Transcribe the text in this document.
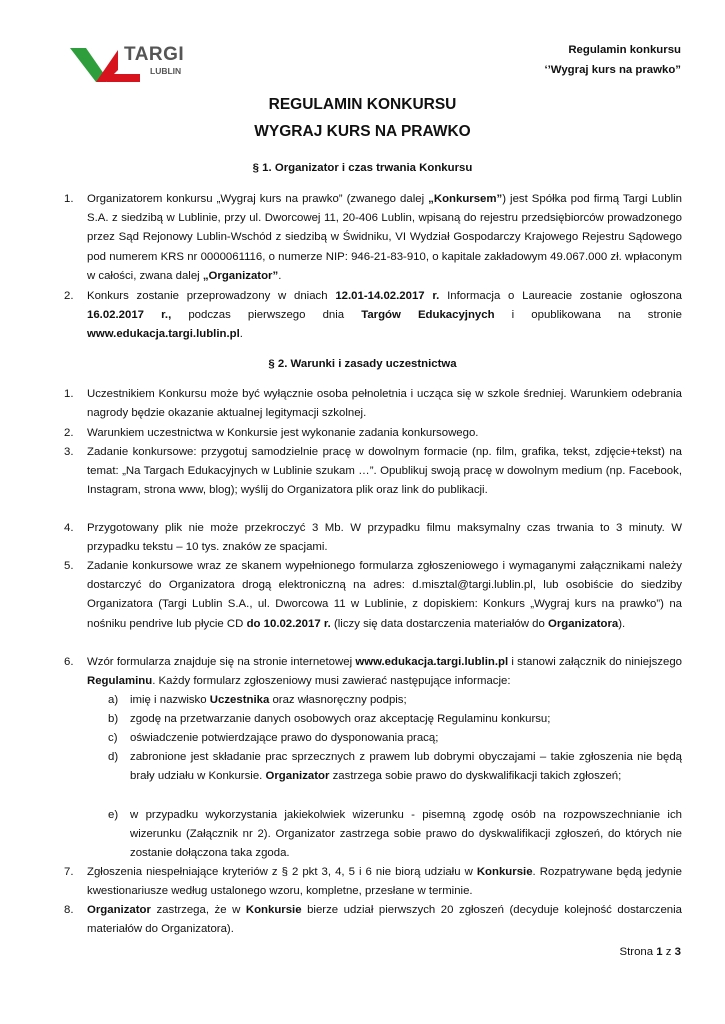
TARGI
LUBLIN
Regulamin konkursu
‘’Wygraj kurs na prawko”
REGULAMIN KONKURSU
WYGRAJ KURS NA PRAWKO
§ 1. Organizator i czas trwania Konkursu
1.	Organizatorem konkursu „Wygraj kurs na prawko” (zwanego dalej „Konkursem”) jest Spółka pod firmą Targi Lublin S.A. z siedzibą w Lublinie, przy ul. Dworcowej 11, 20-406 Lublin, wpisaną do rejestru przedsiębiorców prowadzonego przez Sąd Rejonowy Lublin-Wschód z siedzibą w Świdniku, VI Wydział Gospodarczy Krajowego Rejestru Sądowego pod numerem KRS nr 0000061116, o numerze NIP: 946-21-83-910, o kapitale zakładowym 49.067.000 zł. wpłaconym w całości, zwana dalej „Organizator”.
2.	Konkurs zostanie przeprowadzony w dniach 12.01-14.02.2017 r. Informacja o Laureacie zostanie ogłoszona 16.02.2017 r., podczas pierwszego dnia Targów Edukacyjnych i opublikowana na stronie www.edukacja.targi.lublin.pl.
§ 2. Warunki i zasady uczestnictwa
1.	Uczestnikiem Konkursu może być wyłącznie osoba pełnoletnia i ucząca się w szkole średniej. Warunkiem odebrania nagrody będzie okazanie aktualnej legitymacji szkolnej.
2.	Warunkiem uczestnictwa w Konkursie jest wykonanie zadania konkursowego.
3.	Zadanie konkursowe: przygotuj samodzielnie pracę w dowolnym formacie (np. film, grafika, tekst, zdjęcie+tekst) na temat: „Na Targach Edukacyjnych w Lublinie szukam …”. Opublikuj swoją pracę w dowolnym medium (np. Facebook, Instagram, strona www, blog); wyślij do Organizatora plik oraz link do publikacji.
4.	Przygotowany plik nie może przekroczyć 3 Mb. W przypadku filmu maksymalny czas trwania to 3 minuty. W przypadku tekstu – 10 tys. znaków ze spacjami.
5.	Zadanie konkursowe wraz ze skanem wypełnionego formularza zgłoszeniowego i wymaganymi załącznikami należy dostarczyć do Organizatora drogą elektroniczną na adres: d.misztal@targi.lublin.pl, lub osobiście do siedziby Organizatora (Targi Lublin S.A., ul. Dworcowa 11 w Lublinie, z dopiskiem: Konkurs „Wygraj kurs na prawko”) na nośniku pendrive lub płycie CD do 10.02.2017 r. (liczy się data dostarczenia materiałów do Organizatora).
6.	Wzór formularza znajduje się na stronie internetowej www.edukacja.targi.lublin.pl i stanowi załącznik do niniejszego Regulaminu. Każdy formularz zgłoszeniowy musi zawierać następujące informacje:
a) imię i nazwisko Uczestnika oraz własnoręczny podpis;
b) zgodę na przetwarzanie danych osobowych oraz akceptację Regulaminu konkursu;
c) oświadczenie potwierdzające prawo do dysponowania pracą;
d) zabronione jest składanie prac sprzecznych z prawem lub dobrymi obyczajami – takie zgłoszenia nie będą brały udziału w Konkursie. Organizator zastrzega sobie prawo do dyskwalifikacji takich zgłoszeń;
e) w przypadku wykorzystania jakiekolwiek wizerunku - pisemną zgodę osób na rozpowszechnianie ich wizerunku (Załącznik nr 2). Organizator zastrzega sobie prawo do dyskwalifikacji zgłoszeń, do których nie zostanie dołączona taka zgoda.
7.	Zgłoszenia niespełniające kryteriów z § 2 pkt 3, 4, 5 i 6 nie biorą udziału w Konkursie. Rozpatrywane będą jedynie kwestionariusze według ustalonego wzoru, kompletne, przesłane w terminie.
8.	Organizator zastrzega, że w Konkursie bierze udział pierwszych 20 zgłoszeń (decyduje kolejność dostarczenia materiałów do Organizatora).
Strona 1 z 3
